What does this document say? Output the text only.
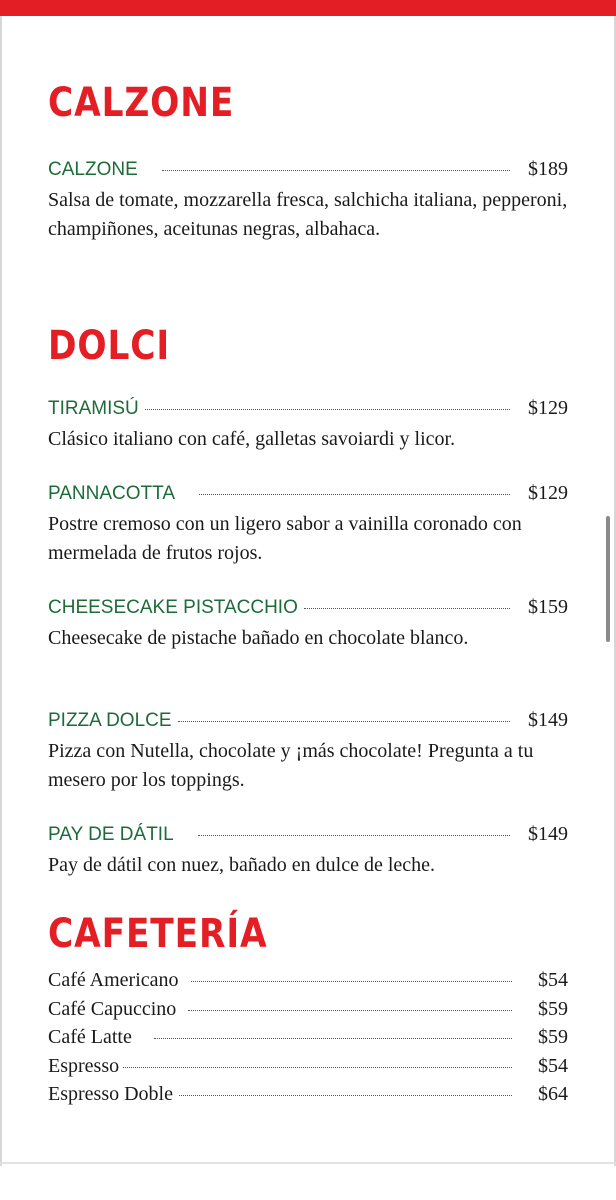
CALZONE
CALZONE	$189

Salsa de tomate, mozzarella fresca, salchicha italiana, pepperoni, champiñones, aceitunas negras, albahaca.

DOLCI
TIRAMISÚ	$129

Clásico italiano con café, galletas savoiardi y licor.

PANNACOTTA	$129

Postre cremoso con un ligero sabor a vainilla coronado con mermelada de frutos rojos.

CHEESECAKE PISTACCHIO	$159

Cheesecake de pistache bañado en chocolate blanco.

PIZZA DOLCE	$149

Pizza con Nutella, chocolate y ¡más chocolate! Pregunta a tu mesero por los toppings.

PAY DE DÁTIL	$149

Pay de dátil con nuez, bañado en dulce de leche.

CAFETERÍA
Café Americano	$54
Café Capuccino	$59
Café Latte	$59
Espresso	$54
Espresso Doble	$64
